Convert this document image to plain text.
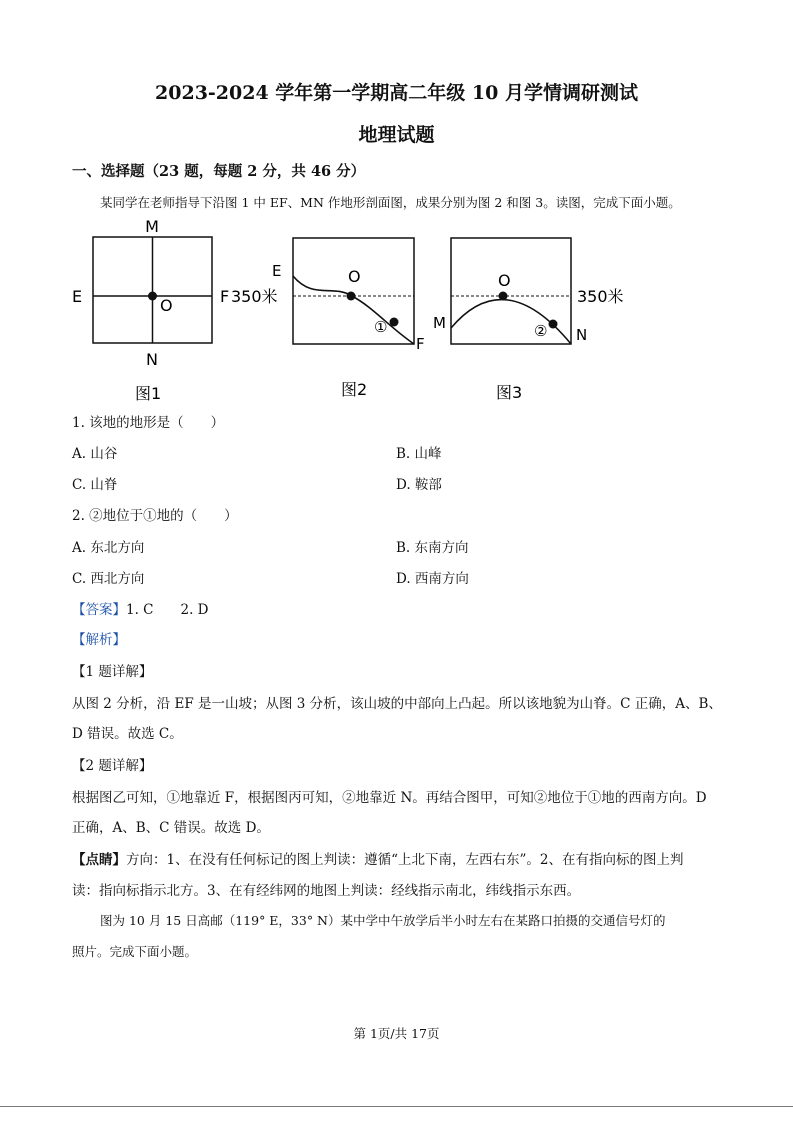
2023-2024 学年第一学期高二年级 10 月学情调研测试
地理试题
一、选择题（23 题，每题 2 分，共 46 分）
某同学在老师指导下沿图 1 中 EF、MN 作地形剖面图，成果分别为图 2 和图 3。读图，完成下面小题。
M
N
E	F
O
图1
350米
E	O
①
F
图2
350米
M
O
② N
图3
1. 该地的地形是（　　）
A. 山谷	B. 山峰
C. 山脊	D. 鞍部
2. ②地位于①地的（　　）
A. 东北方向	B. 东南方向
C. 西北方向	D. 西南方向
【答案】1. C　　2. D
【解析】
【1 题详解】
从图 2 分析，沿 EF 是一山坡；从图 3 分析，该山坡的中部向上凸起。所以该地貌为山脊。C 正确，A、B、
D 错误。故选 C。
【2 题详解】
根据图乙可知，①地靠近 F，根据图丙可知，②地靠近 N。再结合图甲，可知②地位于①地的西南方向。D
正确，A、B、C 错误。故选 D。
【点睛】方向：1、在没有任何标记的图上判读：遵循“上北下南，左西右东”。2、在有指向标的图上判
读：指向标指示北方。3、在有经纬网的地图上判读：经线指示南北，纬线指示东西。
图为 10 月 15 日高邮（119° E，33° N）某中学中午放学后半小时左右在某路口拍摄的交通信号灯的
照片。完成下面小题。
第 1页/共 17页
